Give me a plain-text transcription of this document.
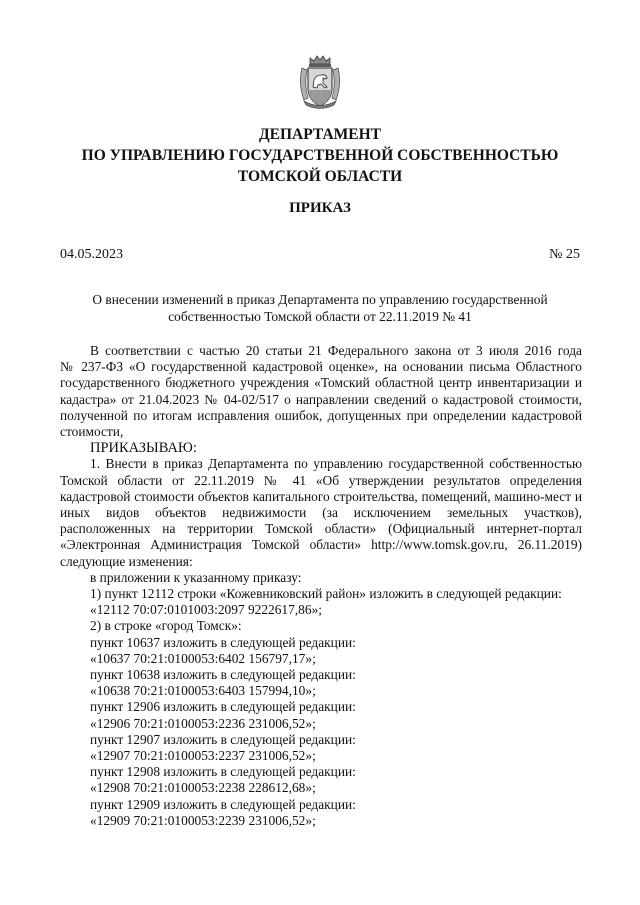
ДЕПАРТАМЕНТ
ПО УПРАВЛЕНИЮ ГОСУДАРСТВЕННОЙ СОБСТВЕННОСТЬЮ
ТОМСКОЙ ОБЛАСТИ
ПРИКАЗ
04.05.2023	№ 25
О внесении изменений в приказ Департамента по управлению государственной
собственностью Томской области от 22.11.2019 № 41
В соответствии с частью 20 статьи 21 Федерального закона от 3 июля 2016 года
№ 237-ФЗ «О государственной кадастровой оценке», на основании письма Областного
государственного бюджетного учреждения «Томский областной центр инвентаризации и
кадастра» от 21.04.2023 № 04-02/517 о направлении сведений о кадастровой стоимости,
полученной по итогам исправления ошибок, допущенных при определении кадастровой
стоимости,
ПРИКАЗЫВАЮ:
1. Внести в приказ Департамента по управлению государственной собственностью
Томской области от 22.11.2019 № 41 «Об утверждении результатов определения
кадастровой стоимости объектов капитального строительства, помещений, машино-мест и
иных видов объектов недвижимости (за исключением земельных участков),
расположенных на территории Томской области» (Официальный интернет-портал
«Электронная Администрация Томской области» http://www.tomsk.gov.ru, 26.11.2019)
следующие изменения:
в приложении к указанному приказу:
1) пункт 12112 строки «Кожевниковский район» изложить в следующей редакции:
«12112 70:07:0101003:2097 9222617,86»;
2) в строке «город Томск»:
пункт 10637 изложить в следующей редакции:
«10637 70:21:0100053:6402 156797,17»;
пункт 10638 изложить в следующей редакции:
«10638 70:21:0100053:6403 157994,10»;
пункт 12906 изложить в следующей редакции:
«12906 70:21:0100053:2236 231006,52»;
пункт 12907 изложить в следующей редакции:
«12907 70:21:0100053:2237 231006,52»;
пункт 12908 изложить в следующей редакции:
«12908 70:21:0100053:2238 228612,68»;
пункт 12909 изложить в следующей редакции:
«12909 70:21:0100053:2239 231006,52»;
